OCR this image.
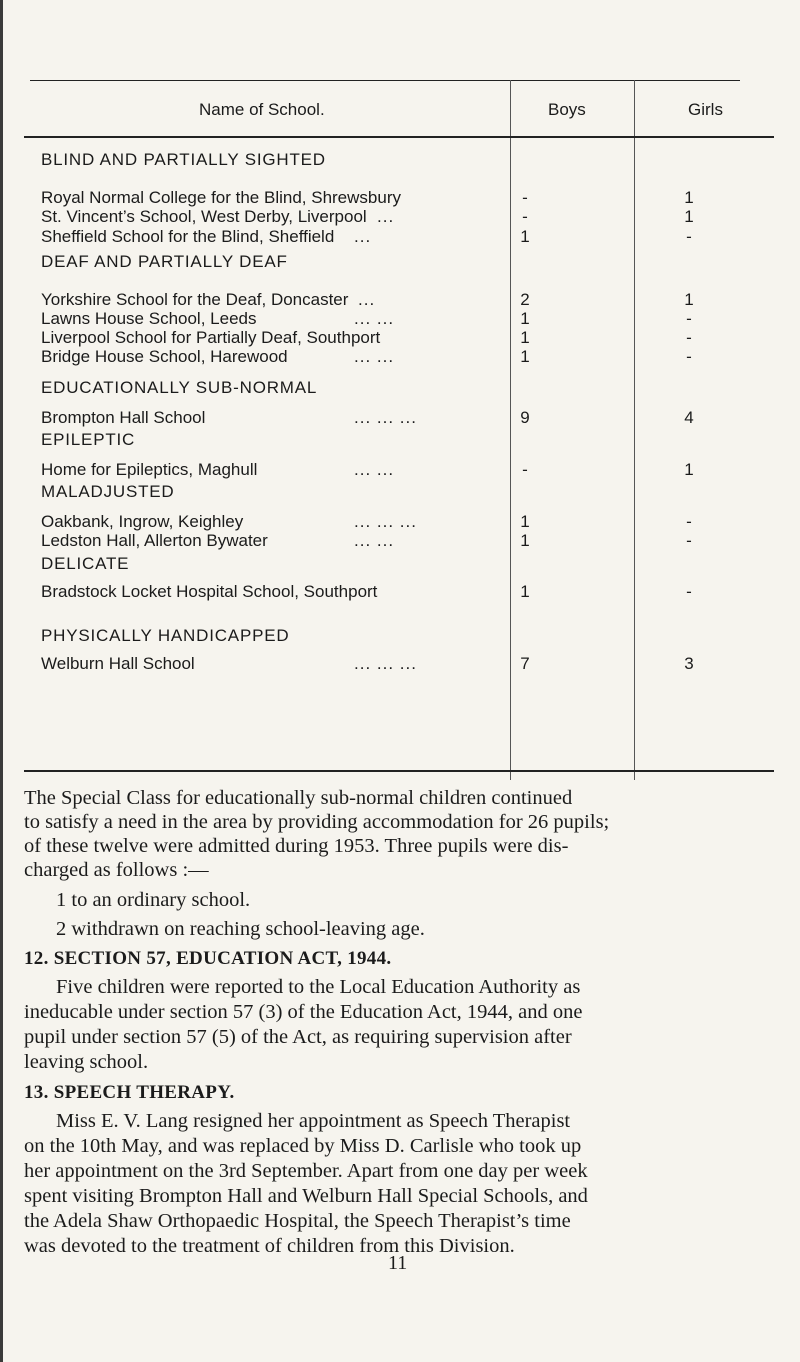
Name of School.	Boys	Girls
BLIND AND PARTIALLY SIGHTED
Royal Normal College for the Blind, Shrewsbury	-	1
St. Vincent’s School, West Derby, Liverpool ...	-	1
Sheffield School for the Blind, Sheffield ...	1	-
DEAF AND PARTIALLY DEAF
Yorkshire School for the Deaf, Doncaster ...	2	1
Lawns House School, Leeds	... ...	1	-
Liverpool School for Partially Deaf, Southport	1	-
Bridge House School, Harewood	... ...	1	-
EDUCATIONALLY SUB-NORMAL
Brompton Hall School	... ... ...	9	4
EPILEPTIC
Home for Epileptics, Maghull	... ...	-	1
MALADJUSTED
Oakbank, Ingrow, Keighley	... ... ...	1	-
Ledston Hall, Allerton Bywater	... ...	1	-
DELICATE
Bradstock Locket Hospital School, Southport	1	-
PHYSICALLY HANDICAPPED
Welburn Hall School	... ... ...	7	3
The Special Class for educationally sub-normal children continued
to satisfy a need in the area by providing accommodation for 26 pupils;
of these twelve were admitted during 1953. Three pupils were dis-
charged as follows :—
1 to an ordinary school.
2 withdrawn on reaching school-leaving age.
12. SECTION 57, EDUCATION ACT, 1944.
Five children were reported to the Local Education Authority as
ineducable under section 57 (3) of the Education Act, 1944, and one
pupil under section 57 (5) of the Act, as requiring supervision after
leaving school.
13. SPEECH THERAPY.
Miss E. V. Lang resigned her appointment as Speech Therapist
on the 10th May, and was replaced by Miss D. Carlisle who took up
her appointment on the 3rd September. Apart from one day per week
spent visiting Brompton Hall and Welburn Hall Special Schools, and
the Adela Shaw Orthopaedic Hospital, the Speech Therapist’s time
was devoted to the treatment of children from this Division.
11
